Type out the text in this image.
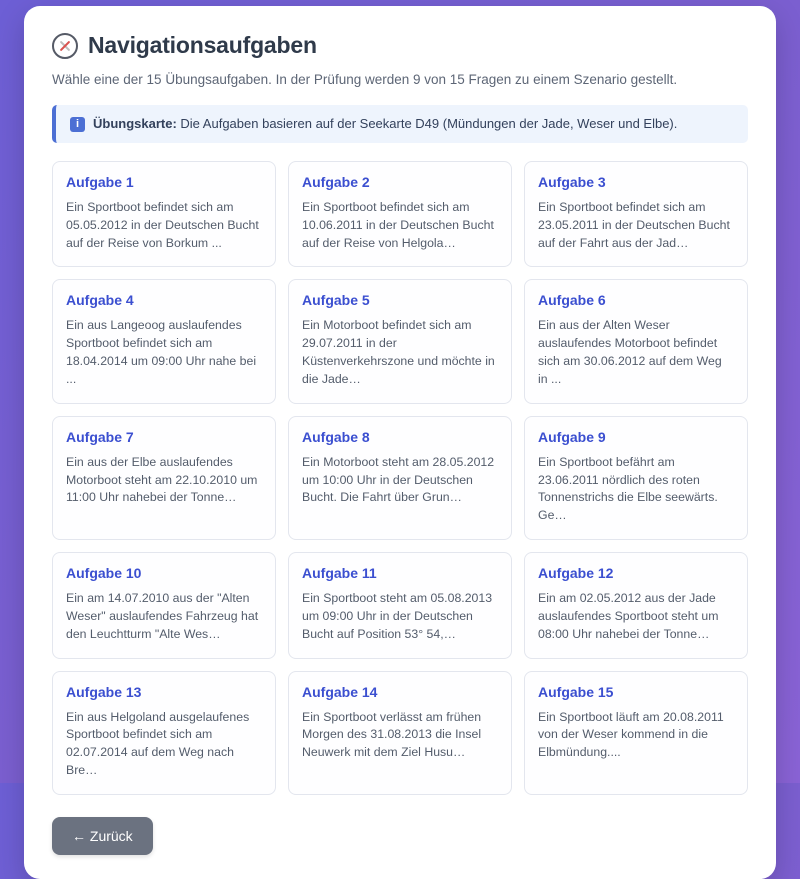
Navigationsaufgaben

Wähle eine der 15 Übungsaufgaben. In der Prüfung werden 9 von 15 Fragen zu einem Szenario gestellt.

i	Übungskarte: Die Aufgaben basieren auf der Seekarte D49 (Mündungen der Jade, Weser und Elbe).

Aufgabe 1

Ein Sportboot befindet sich am 05.05.2012 in der Deutschen Bucht auf der Reise von Borkum ...

Aufgabe 2

Ein Sportboot befindet sich am 10.06.2011 in der Deutschen Bucht auf der Reise von Helgola…

Aufgabe 3

Ein Sportboot befindet sich am 23.05.2011 in der Deutschen Bucht auf der Fahrt aus der Jad…

Aufgabe 4

Ein aus Langeoog auslaufendes Sportboot befindet sich am 18.04.2014 um 09:00 Uhr nahe bei ...

Aufgabe 5

Ein Motorboot befindet sich am 29.07.2011 in der Küstenverkehrszone und möchte in die Jade…

Aufgabe 6

Ein aus der Alten Weser auslaufendes Motorboot befindet sich am 30.06.2012 auf dem Weg in ...

Aufgabe 7

Ein aus der Elbe auslaufendes Motorboot steht am 22.10.2010 um 11:00 Uhr nahebei der Tonne…

Aufgabe 8

Ein Motorboot steht am 28.05.2012 um 10:00 Uhr in der Deutschen Bucht. Die Fahrt über Grun…

Aufgabe 9

Ein Sportboot befährt am 23.06.2011 nördlich des roten Tonnenstrichs die Elbe seewärts. Ge…

Aufgabe 10

Ein am 14.07.2010 aus der "Alten Weser" auslaufendes Fahrzeug hat den Leuchtturm "Alte Wes…

Aufgabe 11

Ein Sportboot steht am 05.08.2013 um 09:00 Uhr in der Deutschen Bucht auf Position 53° 54,…

Aufgabe 12

Ein am 02.05.2012 aus der Jade auslaufendes Sportboot steht um 08:00 Uhr nahebei der Tonne…

Aufgabe 13

Ein aus Helgoland ausgelaufenes Sportboot befindet sich am 02.07.2014 auf dem Weg nach Bre…

Aufgabe 14

Ein Sportboot verlässt am frühen Morgen des 31.08.2013 die Insel Neuwerk mit dem Ziel Husu…

Aufgabe 15

Ein Sportboot läuft am 20.08.2011 von der Weser kommend in die Elbmündung....

← Zurück
